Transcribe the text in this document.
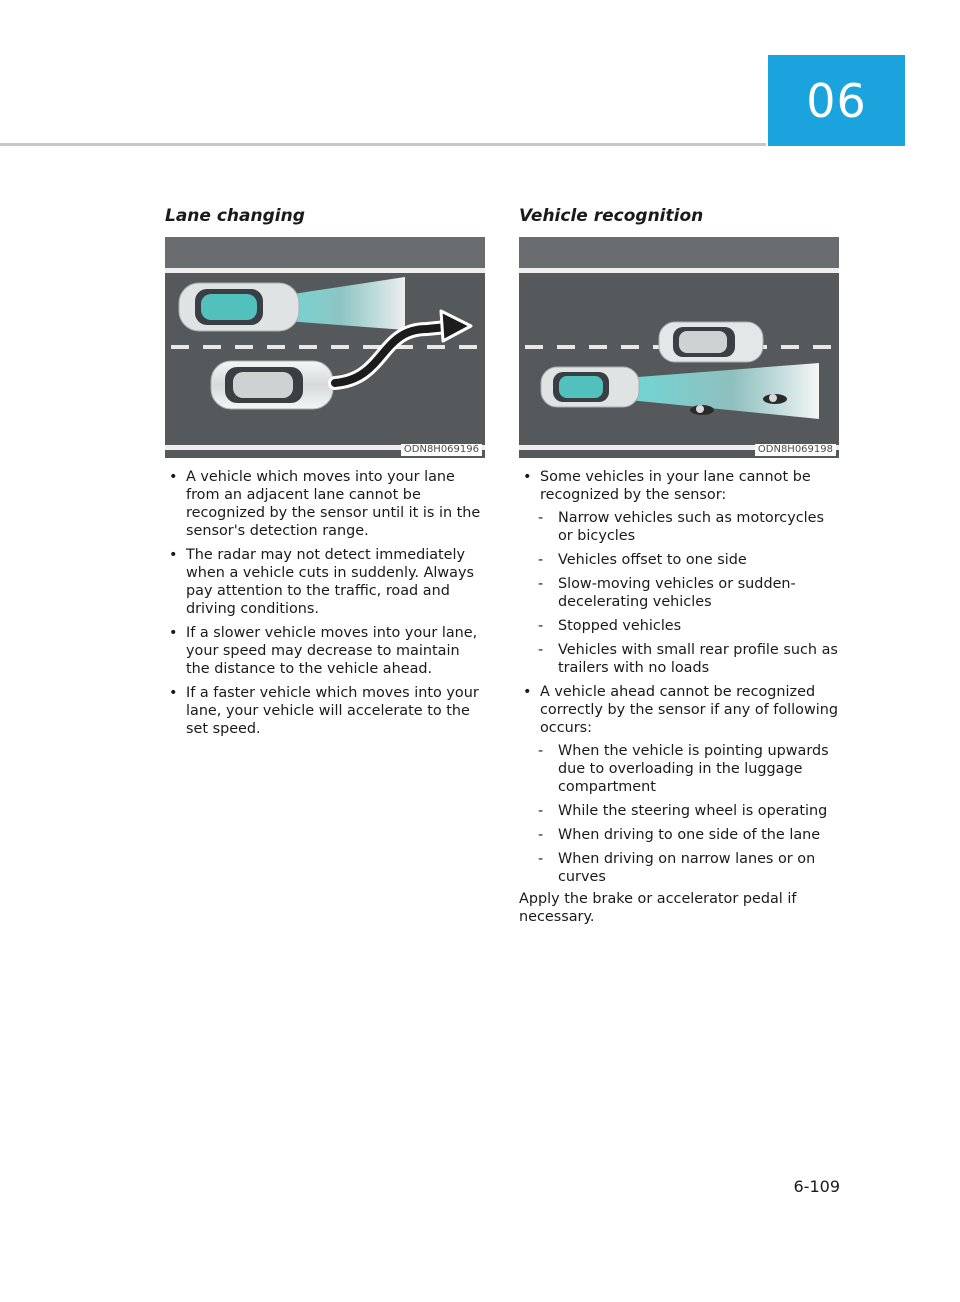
06
Lane changing
ODN8H069196
• A vehicle which moves into your lane from an adjacent lane cannot be recognized by the sensor until it is in the sensor's detection range.
• The radar may not detect immediately when a vehicle cuts in suddenly. Always pay attention to the traffic, road and driving conditions.
• If a slower vehicle moves into your lane, your speed may decrease to maintain the distance to the vehicle ahead.
• If a faster vehicle which moves into your lane, your vehicle will accelerate to the set speed.
Vehicle recognition
ODN8H069198
• Some vehicles in your lane cannot be recognized by the sensor:
- Narrow vehicles such as motorcycles or bicycles
- Vehicles offset to one side
- Slow-moving vehicles or sudden-decelerating vehicles
- Stopped vehicles
- Vehicles with small rear profile such as trailers with no loads
• A vehicle ahead cannot be recognized correctly by the sensor if any of following occurs:
- When the vehicle is pointing upwards due to overloading in the luggage compartment
- While the steering wheel is operating
- When driving to one side of the lane
- When driving on narrow lanes or on curves

Apply the brake or accelerator pedal if necessary.

6-109
